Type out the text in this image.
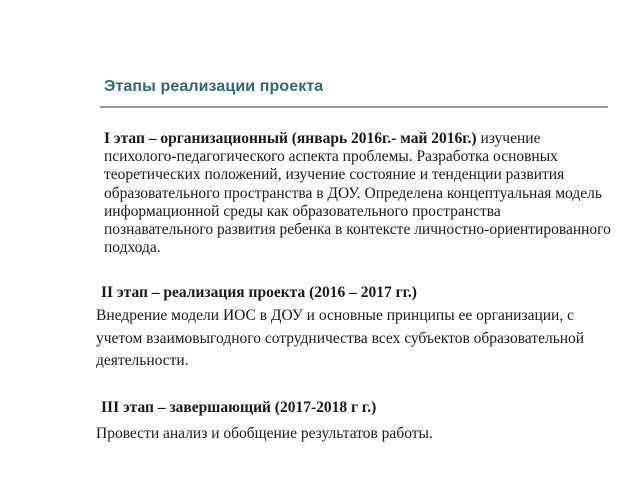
Этапы реализации проекта
I этап – организационный (январь 2016г.- май 2016г.) изучение психолого-педагогического аспекта проблемы. Разработка основных теоретических положений, изучение состояние и тенденции развития образовательного пространства в ДОУ. Определена концептуальная модель информационной среды как образовательного пространства познавательного развития ребенка в контексте личностно-ориентированного подхода.
II этап – реализация проекта (2016 – 2017 гг.)
Внедрение модели ИОС в ДОУ и основные принципы ее организации, с учетом взаимовыгодного сотрудничества всех субъектов образовательной деятельности.
III этап – завершающий (2017-2018 г г.)
Провести анализ и обобщение результатов работы.
